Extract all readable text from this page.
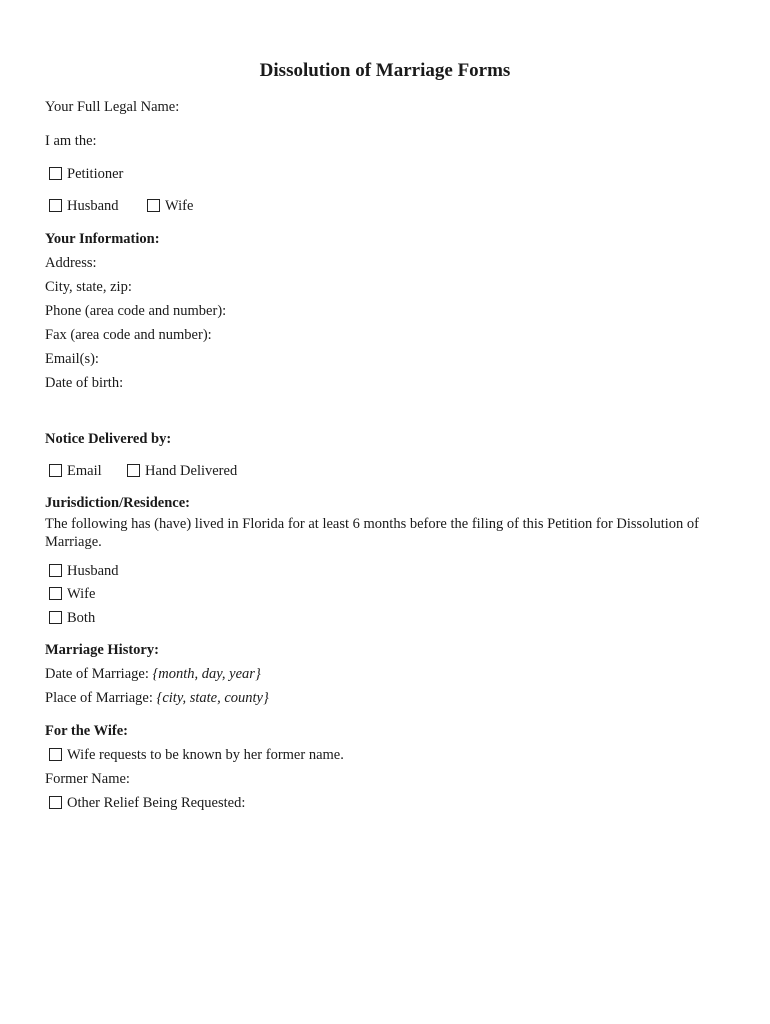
Dissolution of Marriage Forms
Your Full Legal Name:
I am the:
Petitioner
Husband	Wife
Your Information:
Address:
City, state, zip:
Phone (area code and number):
Fax (area code and number):
Email(s):
Date of birth:
Notice Delivered by:
Email	Hand Delivered
Jurisdiction/Residence:
The following has (have) lived in Florida for at least 6 months before the filing of this Petition for Dissolution of Marriage.
Husband
Wife
Both
Marriage History:
Date of Marriage: {month, day, year}
Place of Marriage: {city, state, county}
For the Wife:
Wife requests to be known by her former name.
Former Name:
Other Relief Being Requested:
